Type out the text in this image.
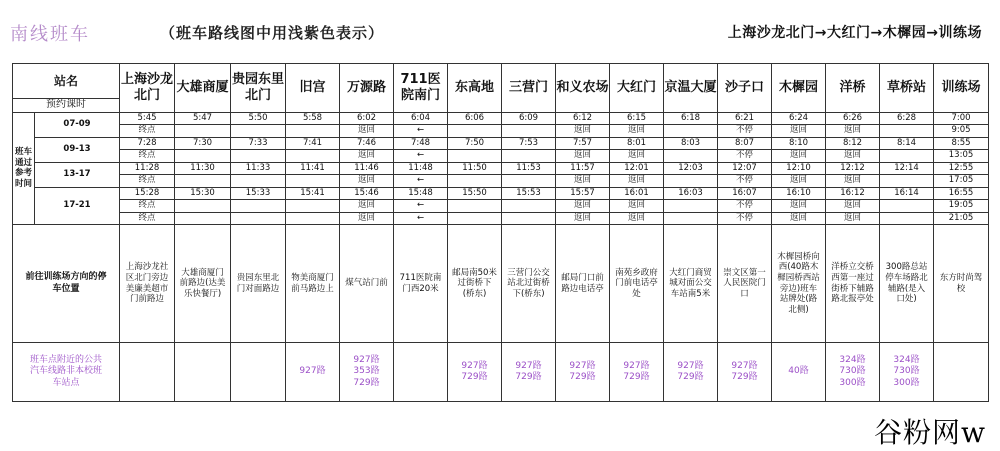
南线班车	（班车路线图中用浅紫色表示）	上海沙龙北门→大红门→木樨园→训练场
站名		上海沙龙北门	大雄商厦	贵园东里北门	旧宫	万源路	711医院南门	东高地	三营门	和义农场	大红门	京温大厦	沙子口	木樨园	洋桥	草桥站	训练场
预约课时																	
班车通过参考时间	07-09	5:45	5:47	5:50	5:58	6:02	6:04	6:06	6:09	6:12	6:15	6:18	6:21	6:24	6:26	6:28	7:00
		终点				返回	←			返回	返回		不停	返回	返回		9:05
	09-13	7:28	7:30	7:33	7:41	7:46	7:48	7:50	7:53	7:57	8:01	8:03	8:07	8:10	8:12	8:14	8:55
		终点				返回	←			返回	返回		不停	返回	返回		13:05
	13-17	11:28	11:30	11:33	11:41	11:46	11:48	11:50	11:53	11:57	12:01	12:03	12:07	12:10	12:12	12:14	12:55
		终点				返回	←			返回	返回		不停	返回	返回		17:05
	17-21	15:28	15:30	15:33	15:41	15:46	15:48	15:50	15:53	15:57	16:01	16:03	16:07	16:10	16:12	16:14	16:55
		终点				返回	←			返回	返回		不停	返回	返回		19:05
		终点				返回	←			返回	返回		不停	返回	返回		21:05
前往训练场方向的停车位置		上海沙龙社区北门旁边美廉美超市门前路边	大雄商厦门前路边(达美乐快餐厅)	贵园东里北门对面路边	物美商厦门前马路边上	煤气站门前	711医院南门西20米	邮局南50米过街桥下(桥东)	三营门公交站北过街桥下(桥东)	邮局门口前路边电话亭	南苑乡政府门前电话亭处	大红门商贸城对面公交车站南5米	崇文区第一人民医院门口	木樨园桥向西(40路木樨园桥西站旁边)班车站牌处(路北侧)	洋桥立交桥西第一座过街桥下辅路路北报亭处	300路总站停车场路北辅路(是入口处)	东方时尚驾校
班车点附近的公共汽车线路非本校班车站点					927路	927路 353路 729路		927路 729路	927路 729路	927路 729路	927路 729路	927路 729路	927路 729路	40路	324路 730路 300路	324路 730路 300路	
谷粉网w
